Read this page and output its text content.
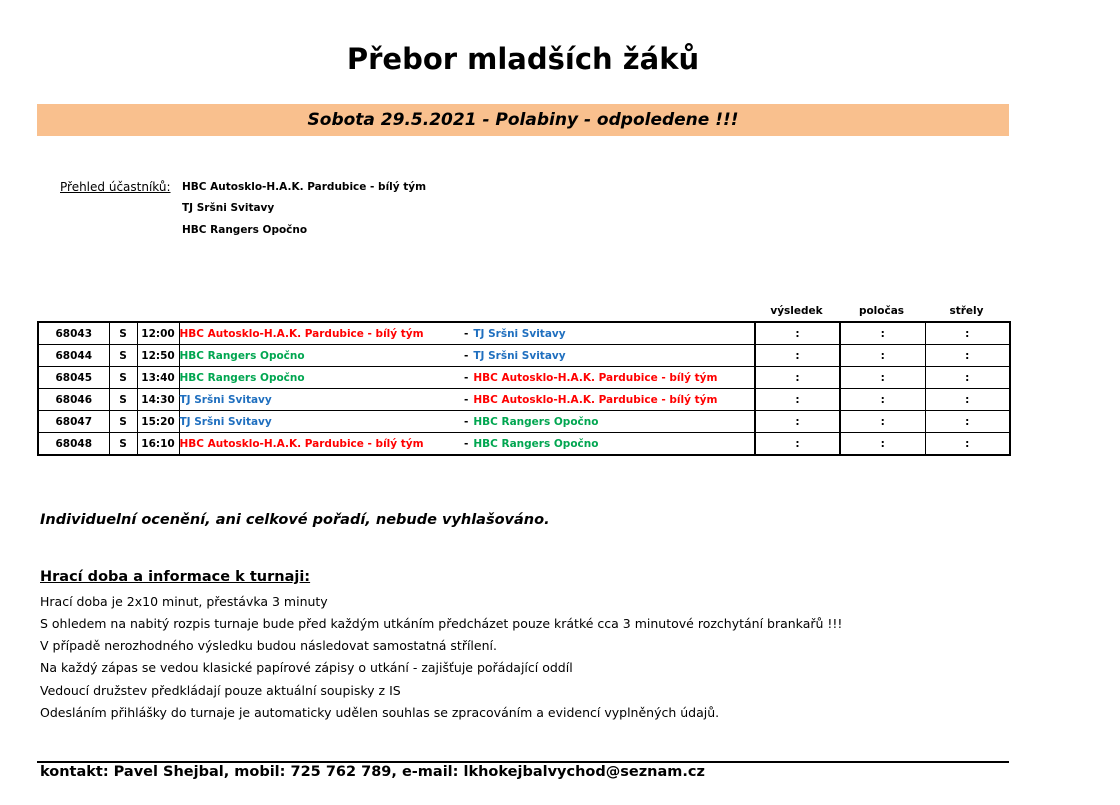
Přebor mladších žáků
Sobota 29.5.2021 - Polabiny - odpoledene !!!
Přehled účastníků: HBC Autosklo-H.A.K. Pardubice - bílý tým
TJ Sršni Svitavy
HBC Rangers Opočno
výsledek	poločas	střely
68043	S	12:00	HBC Autosklo-H.A.K. Pardubice - bílý tým	- TJ Sršni Svitavy	:	:	:
68044	S	12:50	HBC Rangers Opočno	- TJ Sršni Svitavy	:	:	:
68045	S	13:40	HBC Rangers Opočno	- HBC Autosklo-H.A.K. Pardubice - bílý tým	:	:	:
68046	S	14:30	TJ Sršni Svitavy	- HBC Autosklo-H.A.K. Pardubice - bílý tým	:	:	:
68047	S	15:20	TJ Sršni Svitavy	- HBC Rangers Opočno	:	:	:
68048	S	16:10	HBC Autosklo-H.A.K. Pardubice - bílý tým	- HBC Rangers Opočno	:	:	:
Individuelní ocenění, ani celkové pořadí, nebude vyhlašováno.
Hrací doba a informace k turnaji:
Hrací doba je 2x10 minut, přestávka 3 minuty
S ohledem na nabitý rozpis turnaje bude před každým utkáním předcházet pouze krátké cca 3 minutové rozchytání brankařů !!!
V případě nerozhodného výsledku budou následovat samostatná střílení.
Na každý zápas se vedou klasické papírové zápisy o utkání - zajišťuje pořádající oddíl
Vedoucí družstev předkládají pouze aktuální soupisky z IS
Odesláním přihlášky do turnaje je automaticky udělen souhlas se zpracováním a evidencí vyplněných údajů.
kontakt: Pavel Shejbal, mobil: 725 762 789, e-mail: lkhokejbalvychod@seznam.cz
